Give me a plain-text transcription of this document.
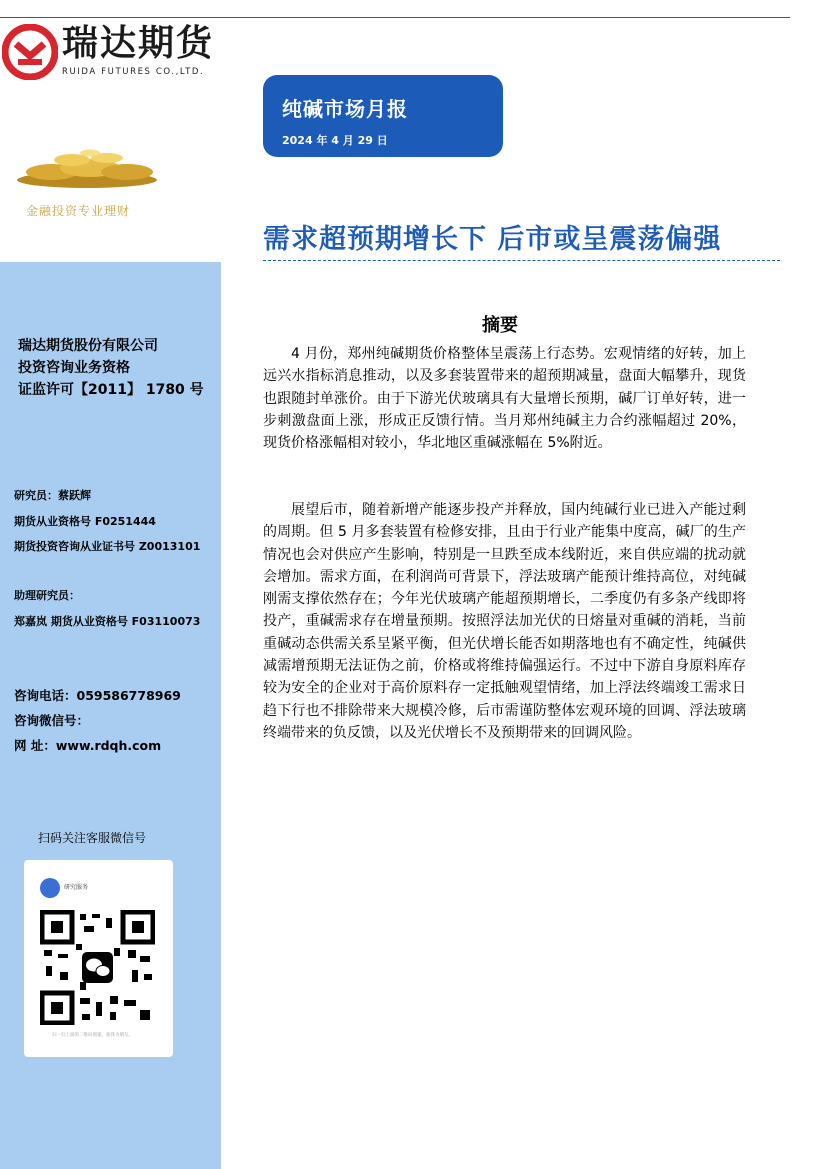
瑞达期货
RUIDA FUTURES CO.,LTD.
纯碱市场月报
2024 年 4 月 29 日
金融投资专业理财
需求超预期增长下 后市或呈震荡偏强
瑞达期货股份有限公司
投资咨询业务资格
证监许可【2011】 1780 号
研究员：蔡跃辉
期货从业资格号 F0251444
期货投资咨询从业证书号 Z0013101
助理研究员：
郑嘉岚 期货从业资格号 F03110073
咨询电话：059586778969
咨询微信号：
网 址：www.rdqh.com
扫码关注客服微信号
研究服务
扫一扫上面的二维码图案，加我为朋友。
摘要

4 月份，郑州纯碱期货价格整体呈震荡上行态势。宏观情绪的好转，加上远兴水指标消息推动，以及多套装置带来的超预期减量，盘面大幅攀升，现货也跟随封单涨价。由于下游光伏玻璃具有大量增长预期，碱厂订单好转，进一步刺激盘面上涨，形成正反馈行情。当月郑州纯碱主力合约涨幅超过 20%，现货价格涨幅相对较小，华北地区重碱涨幅在 5%附近。

展望后市，随着新增产能逐步投产并释放，国内纯碱行业已进入产能过剩的周期。但 5 月多套装置有检修安排，且由于行业产能集中度高，碱厂的生产情况也会对供应产生影响，特别是一旦跌至成本线附近，来自供应端的扰动就会增加。需求方面，在利润尚可背景下，浮法玻璃产能预计维持高位，对纯碱刚需支撑依然存在；今年光伏玻璃产能超预期增长，二季度仍有多条产线即将投产，重碱需求存在增量预期。按照浮法加光伏的日熔量对重碱的消耗，当前重碱动态供需关系呈紧平衡，但光伏增长能否如期落地也有不确定性，纯碱供减需增预期无法证伪之前，价格或将维持偏强运行。不过中下游自身原料库存较为安全的企业对于高价原料存一定抵触观望情绪，加上浮法终端竣工需求日趋下行也不排除带来大规模冷修，后市需谨防整体宏观环境的回调、浮法玻璃终端带来的负反馈，以及光伏增长不及预期带来的回调风险。
